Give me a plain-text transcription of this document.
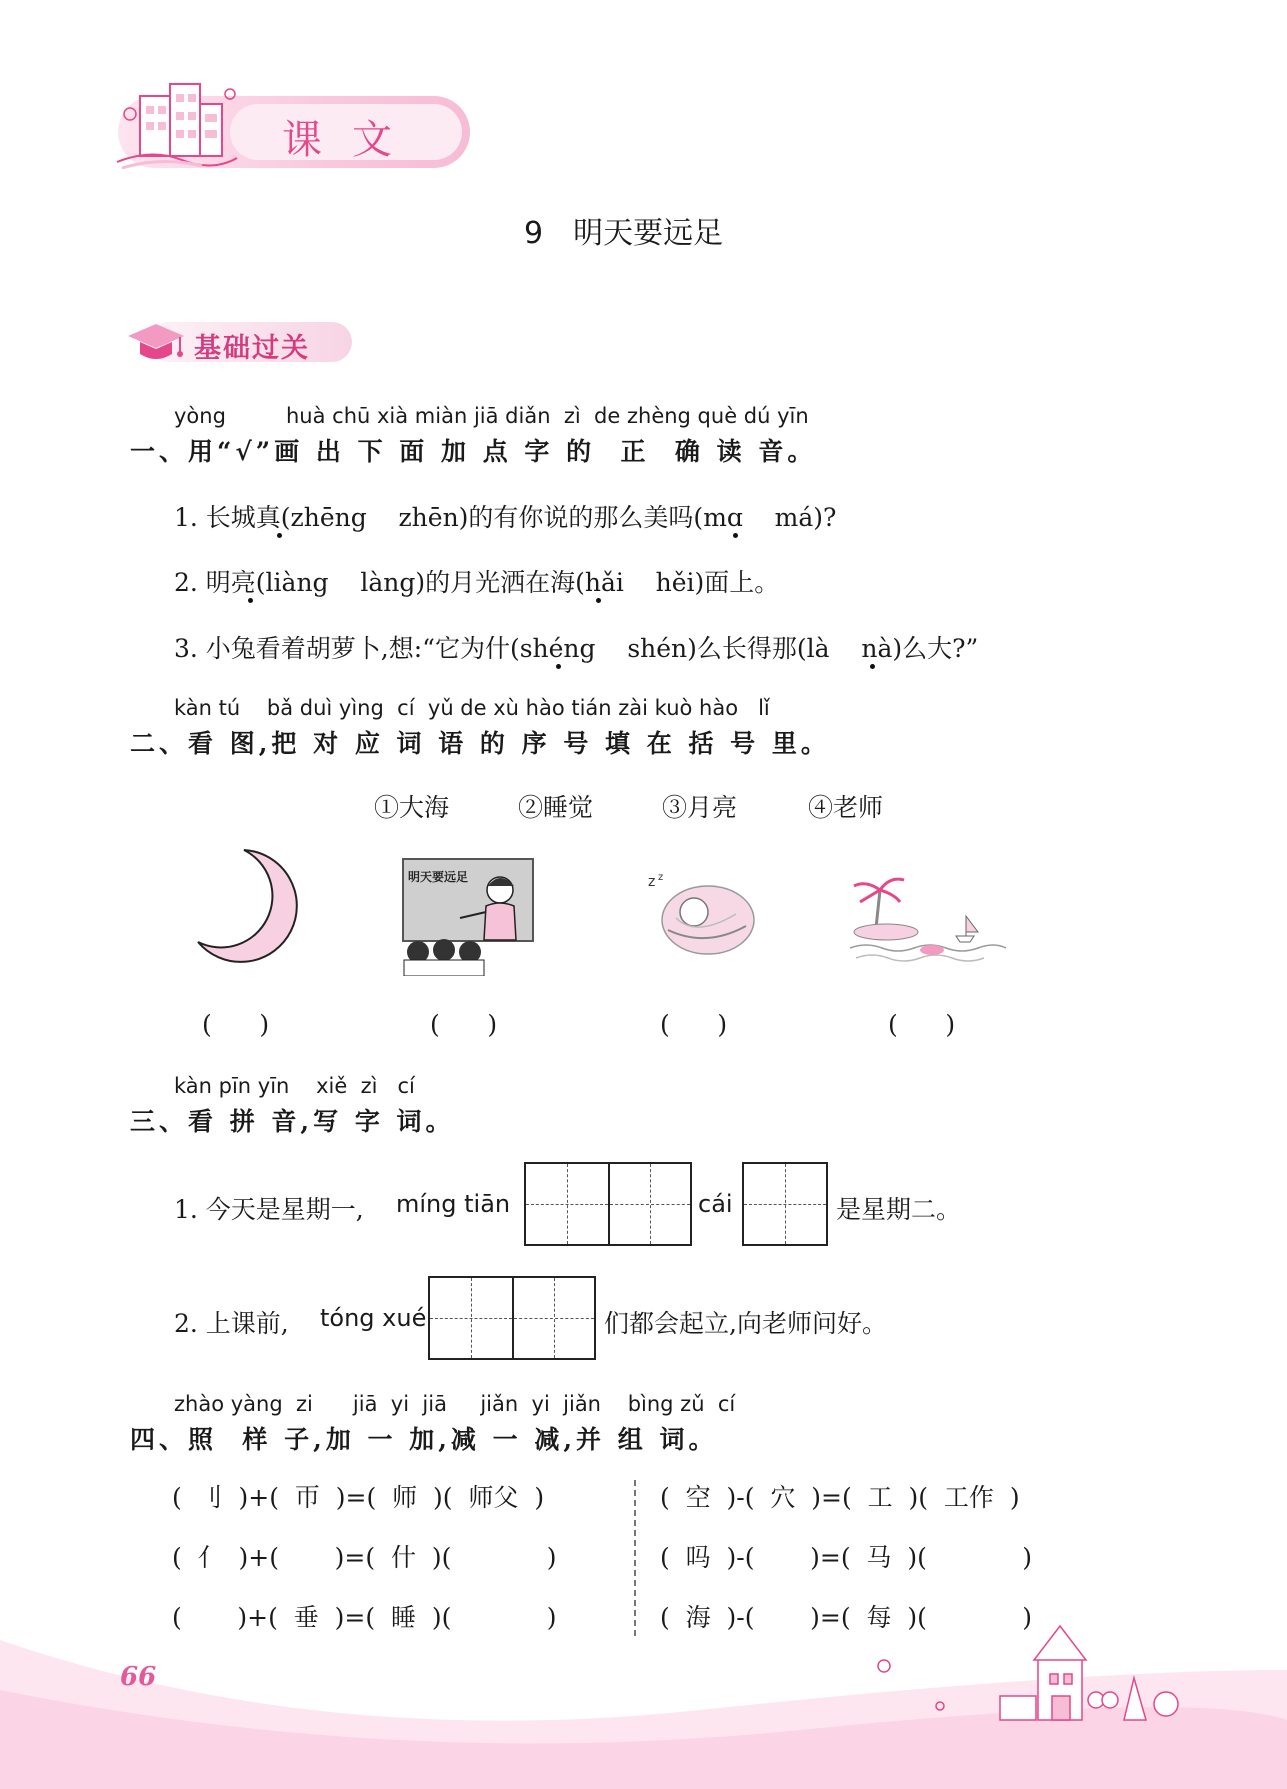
课文
9　明天要远足
基础过关
yòng         huà chū xià miàn jiā diǎn  zì  de zhèng què dú yīn
一、用“√”画 出 下 面 加 点 字 的  正  确 读 音。
1. 长城真(zhēng    zhēn)的有你说的那么美吗(mɑ    má)?
2. 明亮(liàng    làng)的月光洒在海(hǎi    hěi)面上。
3. 小兔看着胡萝卜,想:“它为什(shéng    shén)么长得那(là    nà)么大?”
kàn tú    bǎ duì yìng  cí  yǔ de xù hào tián zài kuò hào   lǐ
二、看 图,把 对 应 词 语 的 序 号 填 在 括 号 里。
①大海	②睡觉	③月亮	④老师
明天要远足	z z
(      )	(      )	(      )	(      )
kàn pīn yīn    xiě  zì   cí
三、看 拼 音,写 字 词。
1. 今天是星期一, míng tiān	cái	是星期二。
2. 上课前, tóng xué	们都会起立,向老师问好。
zhào yàng  zi      jiā  yi  jiā     jiǎn  yi  jiǎn    bìng zǔ  cí
四、照  样 子,加 一 加,减 一 减,并 组 词。
(  刂  )+(  帀  )=(  师  )(  师父  )
(  亻  )+(       )=(  什  )(            )
(       )+(  垂  )=(  睡  )(            )
(  空  )-(  穴  )=(  工  )(  工作  )
(  吗  )-(       )=(  马  )(            )
(  海  )-(       )=(  每  )(            )
66
